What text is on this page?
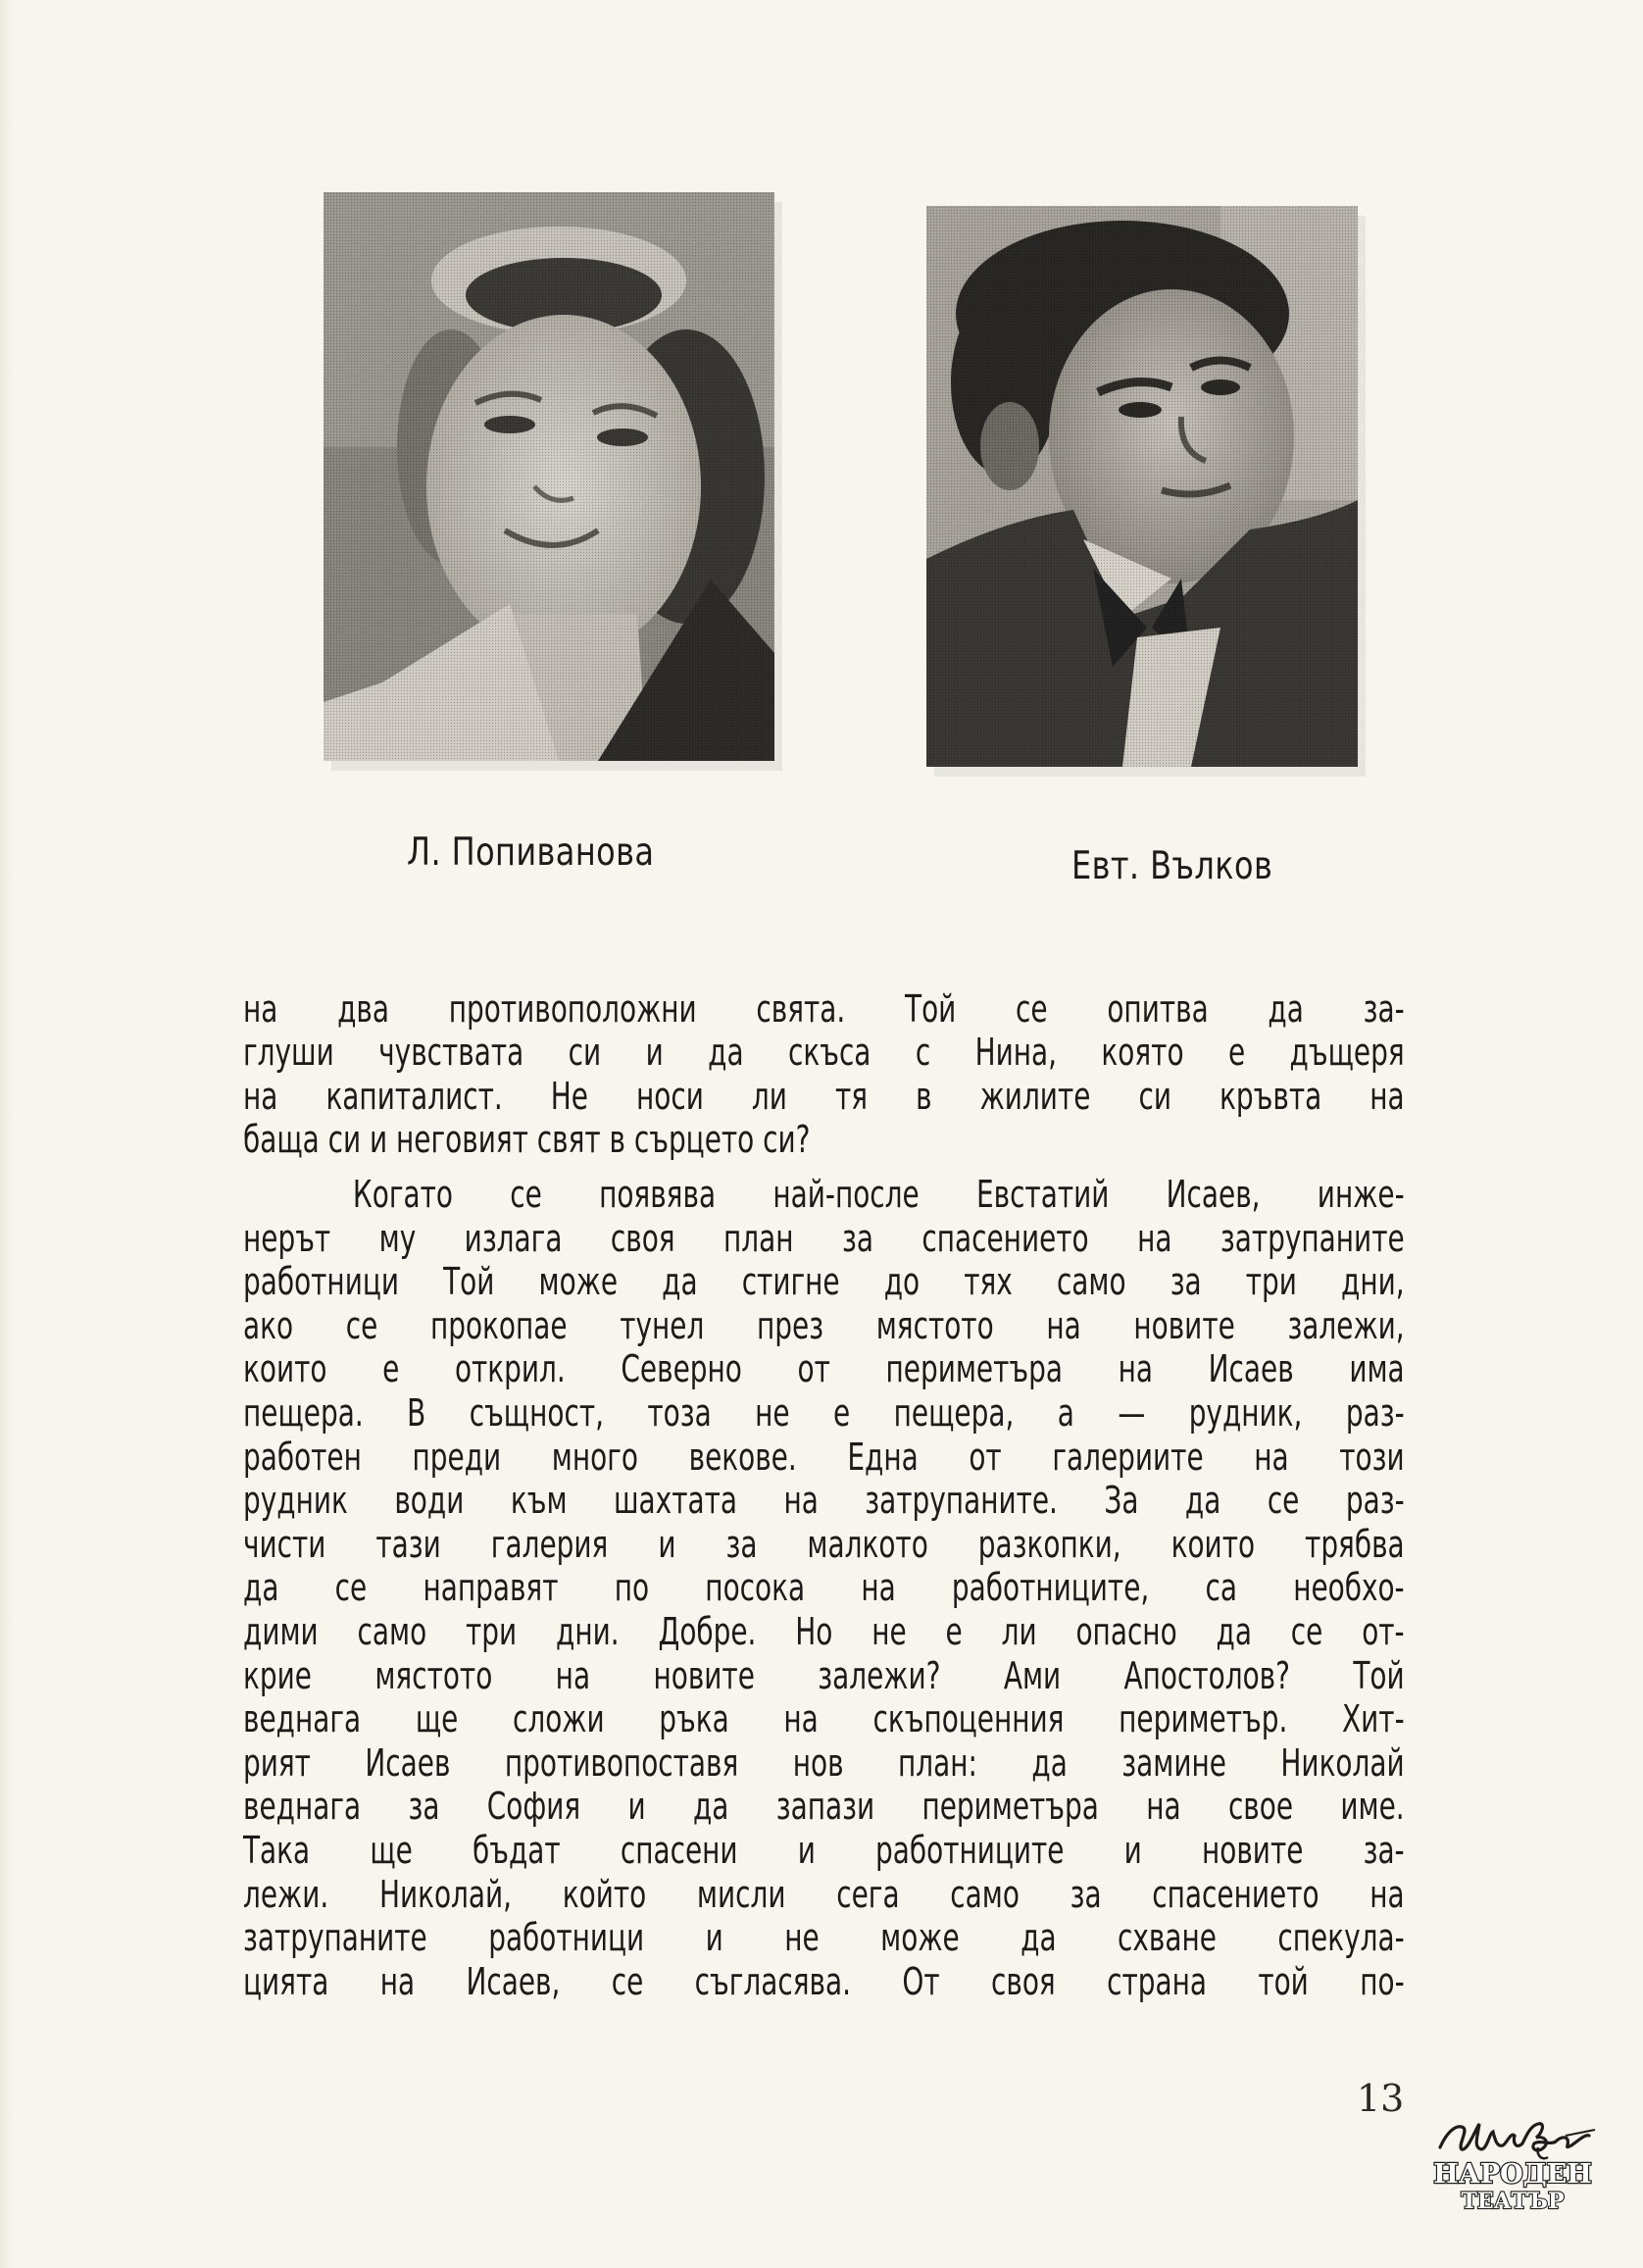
Л. Попиванова	Евт. Вълков
на два противоположни свята. Той се опитва да за-
глуши чувствата си и да скъса с Нина, която е дъщеря
на капиталист. Не носи ли тя в жилите си кръвта на
баща си и неговият свят в сърцето си?
Когато се появява най-после Евстатий Исаев, инже-
нерът му излага своя план за спасението на затрупаните
работници Той може да стигне до тях само за три дни,
ако се прокопае тунел през мястото на новите залежи,
които е открил. Северно от периметъра на Исаев има
пещера. В същност, тоза не е пещера, а — рудник, раз-
работен преди много векове. Една от галериите на този
рудник води към шахтата на затрупаните. За да се раз-
чисти тази галерия и за малкото разкопки, които трябва
да се направят по посока на работниците, са необхо-
дими само три дни. Добре. Но не е ли опасно да се от-
крие мястото на новите залежи? Ами Апостолов? Той
веднага ще сложи ръка на скъпоценния периметър. Хит-
рият Исаев противопоставя нов план: да замине Николай
веднага за София и да запази периметъра на свое име.
Така ще бъдат спасени и работниците и новите за-
лежи. Николай, който мисли сега само за спасението на
затрупаните работници и не може да схване спекула-
цията на Исаев, се съгласява. От своя страна той по-
13
НАРОДЕН
ТЕАТЪР
